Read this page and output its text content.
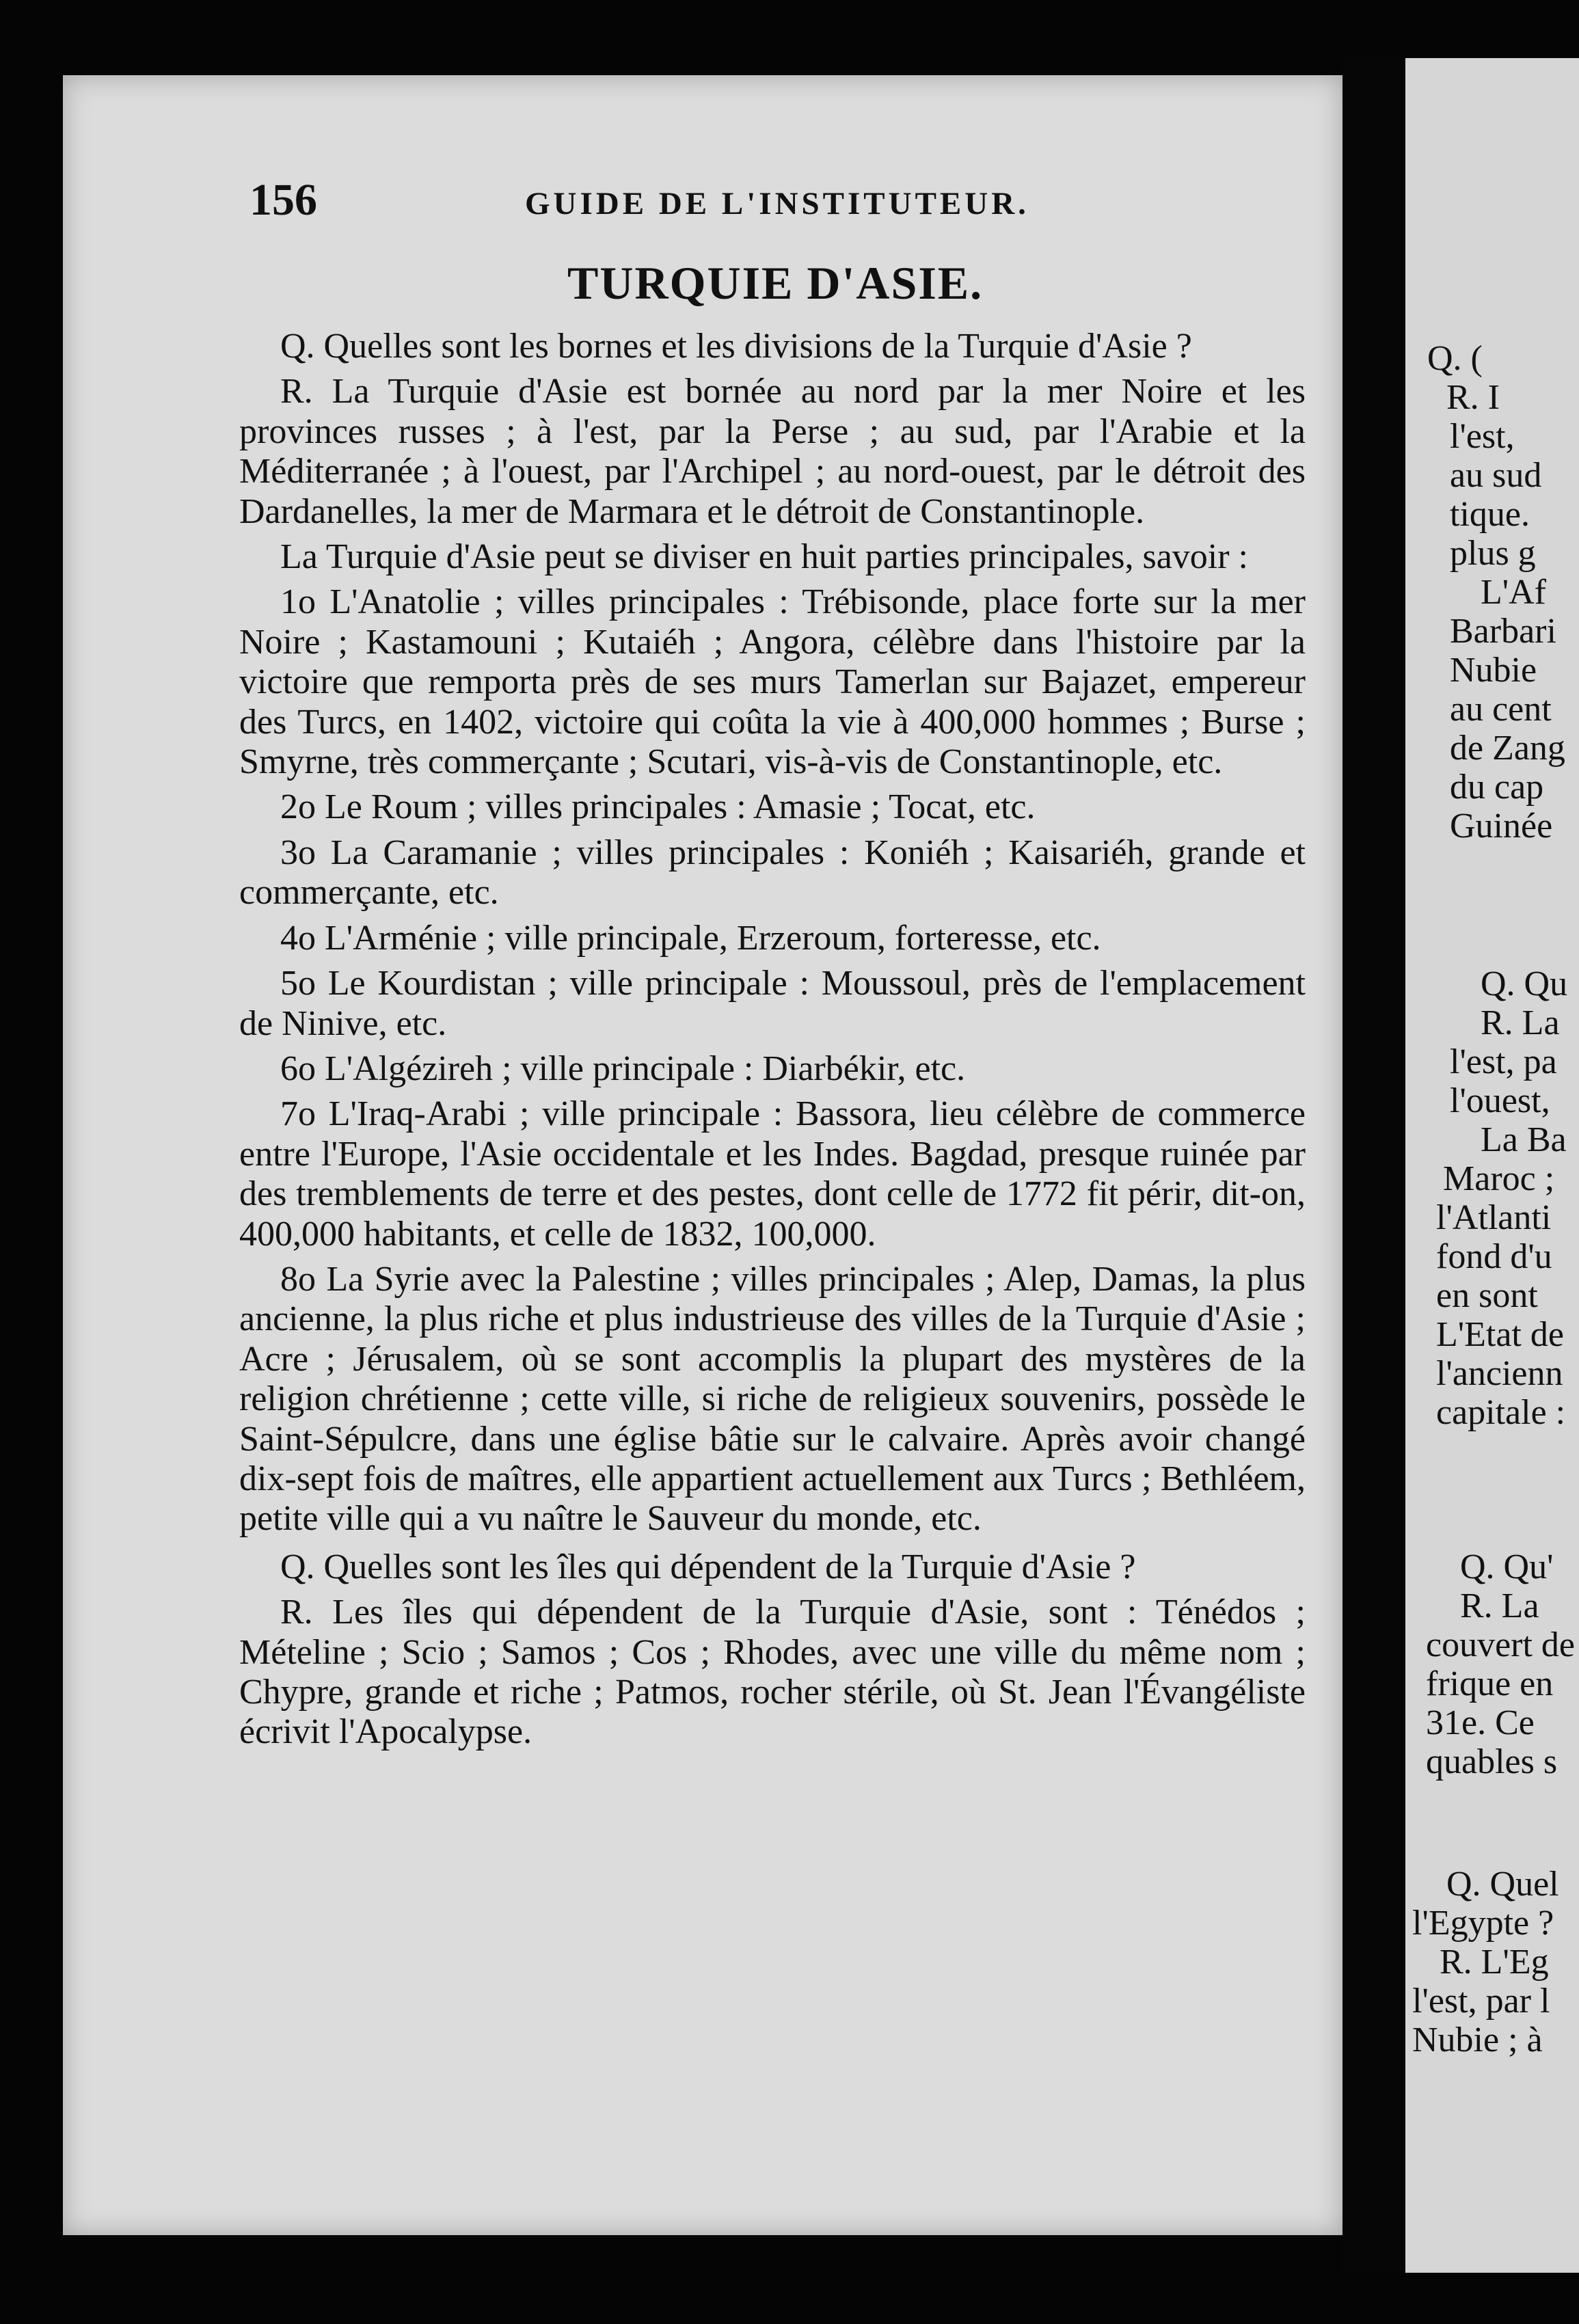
Q. (
R. I
l'est,
au sud
tique.
plus g
L'Af
Barbari
Nubie
au cent
de Zang
du cap
Guinée
Q. Qu
R. La
l'est, pa
l'ouest,
La Ba
Maroc ;
l'Atlanti
fond d'u
en sont
L'Etat de
l'ancienn
capitale :
Q. Qu'
R. La
couvert de
frique en
31e. Ce
quables s
Q. Quel
l'Egypte ?
R. L'Eg
l'est, par l
Nubie ; à
156	GUIDE DE L'INSTITUTEUR.
TURQUIE D'ASIE.

Q. Quelles sont les bornes et les divisions de la Turquie d'Asie ?

R. La Turquie d'Asie est bornée au nord par la mer Noire et les provinces russes ; à l'est, par la Perse ; au sud, par l'Arabie et la Méditerranée ; à l'ouest, par l'Archipel ; au nord-ouest, par le détroit des Dardanelles, la mer de Marmara et le détroit de Constantinople.

La Turquie d'Asie peut se diviser en huit parties principales, savoir :

1o L'Anatolie ; villes principales : Trébisonde, place forte sur la mer Noire ; Kastamouni ; Kutaiéh ; Angora, célèbre dans l'histoire par la victoire que remporta près de ses murs Tamerlan sur Bajazet, empereur des Turcs, en 1402, victoire qui coûta la vie à 400,000 hommes ; Burse ; Smyrne, très commerçante ; Scutari, vis-à-vis de Constantinople, etc.

2o Le Roum ; villes principales : Amasie ; Tocat, etc.

3o La Caramanie ; villes principales : Koniéh ; Kaisariéh, grande et commerçante, etc.

4o L'Arménie ; ville principale, Erzeroum, forteresse, etc.

5o Le Kourdistan ; ville principale : Moussoul, près de l'emplacement de Ninive, etc.

6o L'Algézireh ; ville principale : Diarbékir, etc.

7o L'Iraq-Arabi ; ville principale : Bassora, lieu célèbre de commerce entre l'Europe, l'Asie occidentale et les Indes. Bagdad, presque ruinée par des tremblements de terre et des pestes, dont celle de 1772 fit périr, dit-on, 400,000 habitants, et celle de 1832, 100,000.

8o La Syrie avec la Palestine ; villes principales ; Alep, Damas, la plus ancienne, la plus riche et plus industrieuse des villes de la Turquie d'Asie ; Acre ; Jérusalem, où se sont accomplis la plupart des mystères de la religion chrétienne ; cette ville, si riche de religieux souvenirs, possède le Saint-Sépulcre, dans une église bâtie sur le calvaire. Après avoir changé dix-sept fois de maîtres, elle appartient actuellement aux Turcs ; Bethléem, petite ville qui a vu naître le Sauveur du monde, etc.

Q. Quelles sont les îles qui dépendent de la Turquie d'Asie ?

R. Les îles qui dépendent de la Turquie d'Asie, sont : Ténédos ; Mételine ; Scio ; Samos ; Cos ; Rhodes, avec une ville du même nom ; Chypre, grande et riche ; Patmos, rocher stérile, où St. Jean l'Évangéliste écrivit l'Apocalypse.
